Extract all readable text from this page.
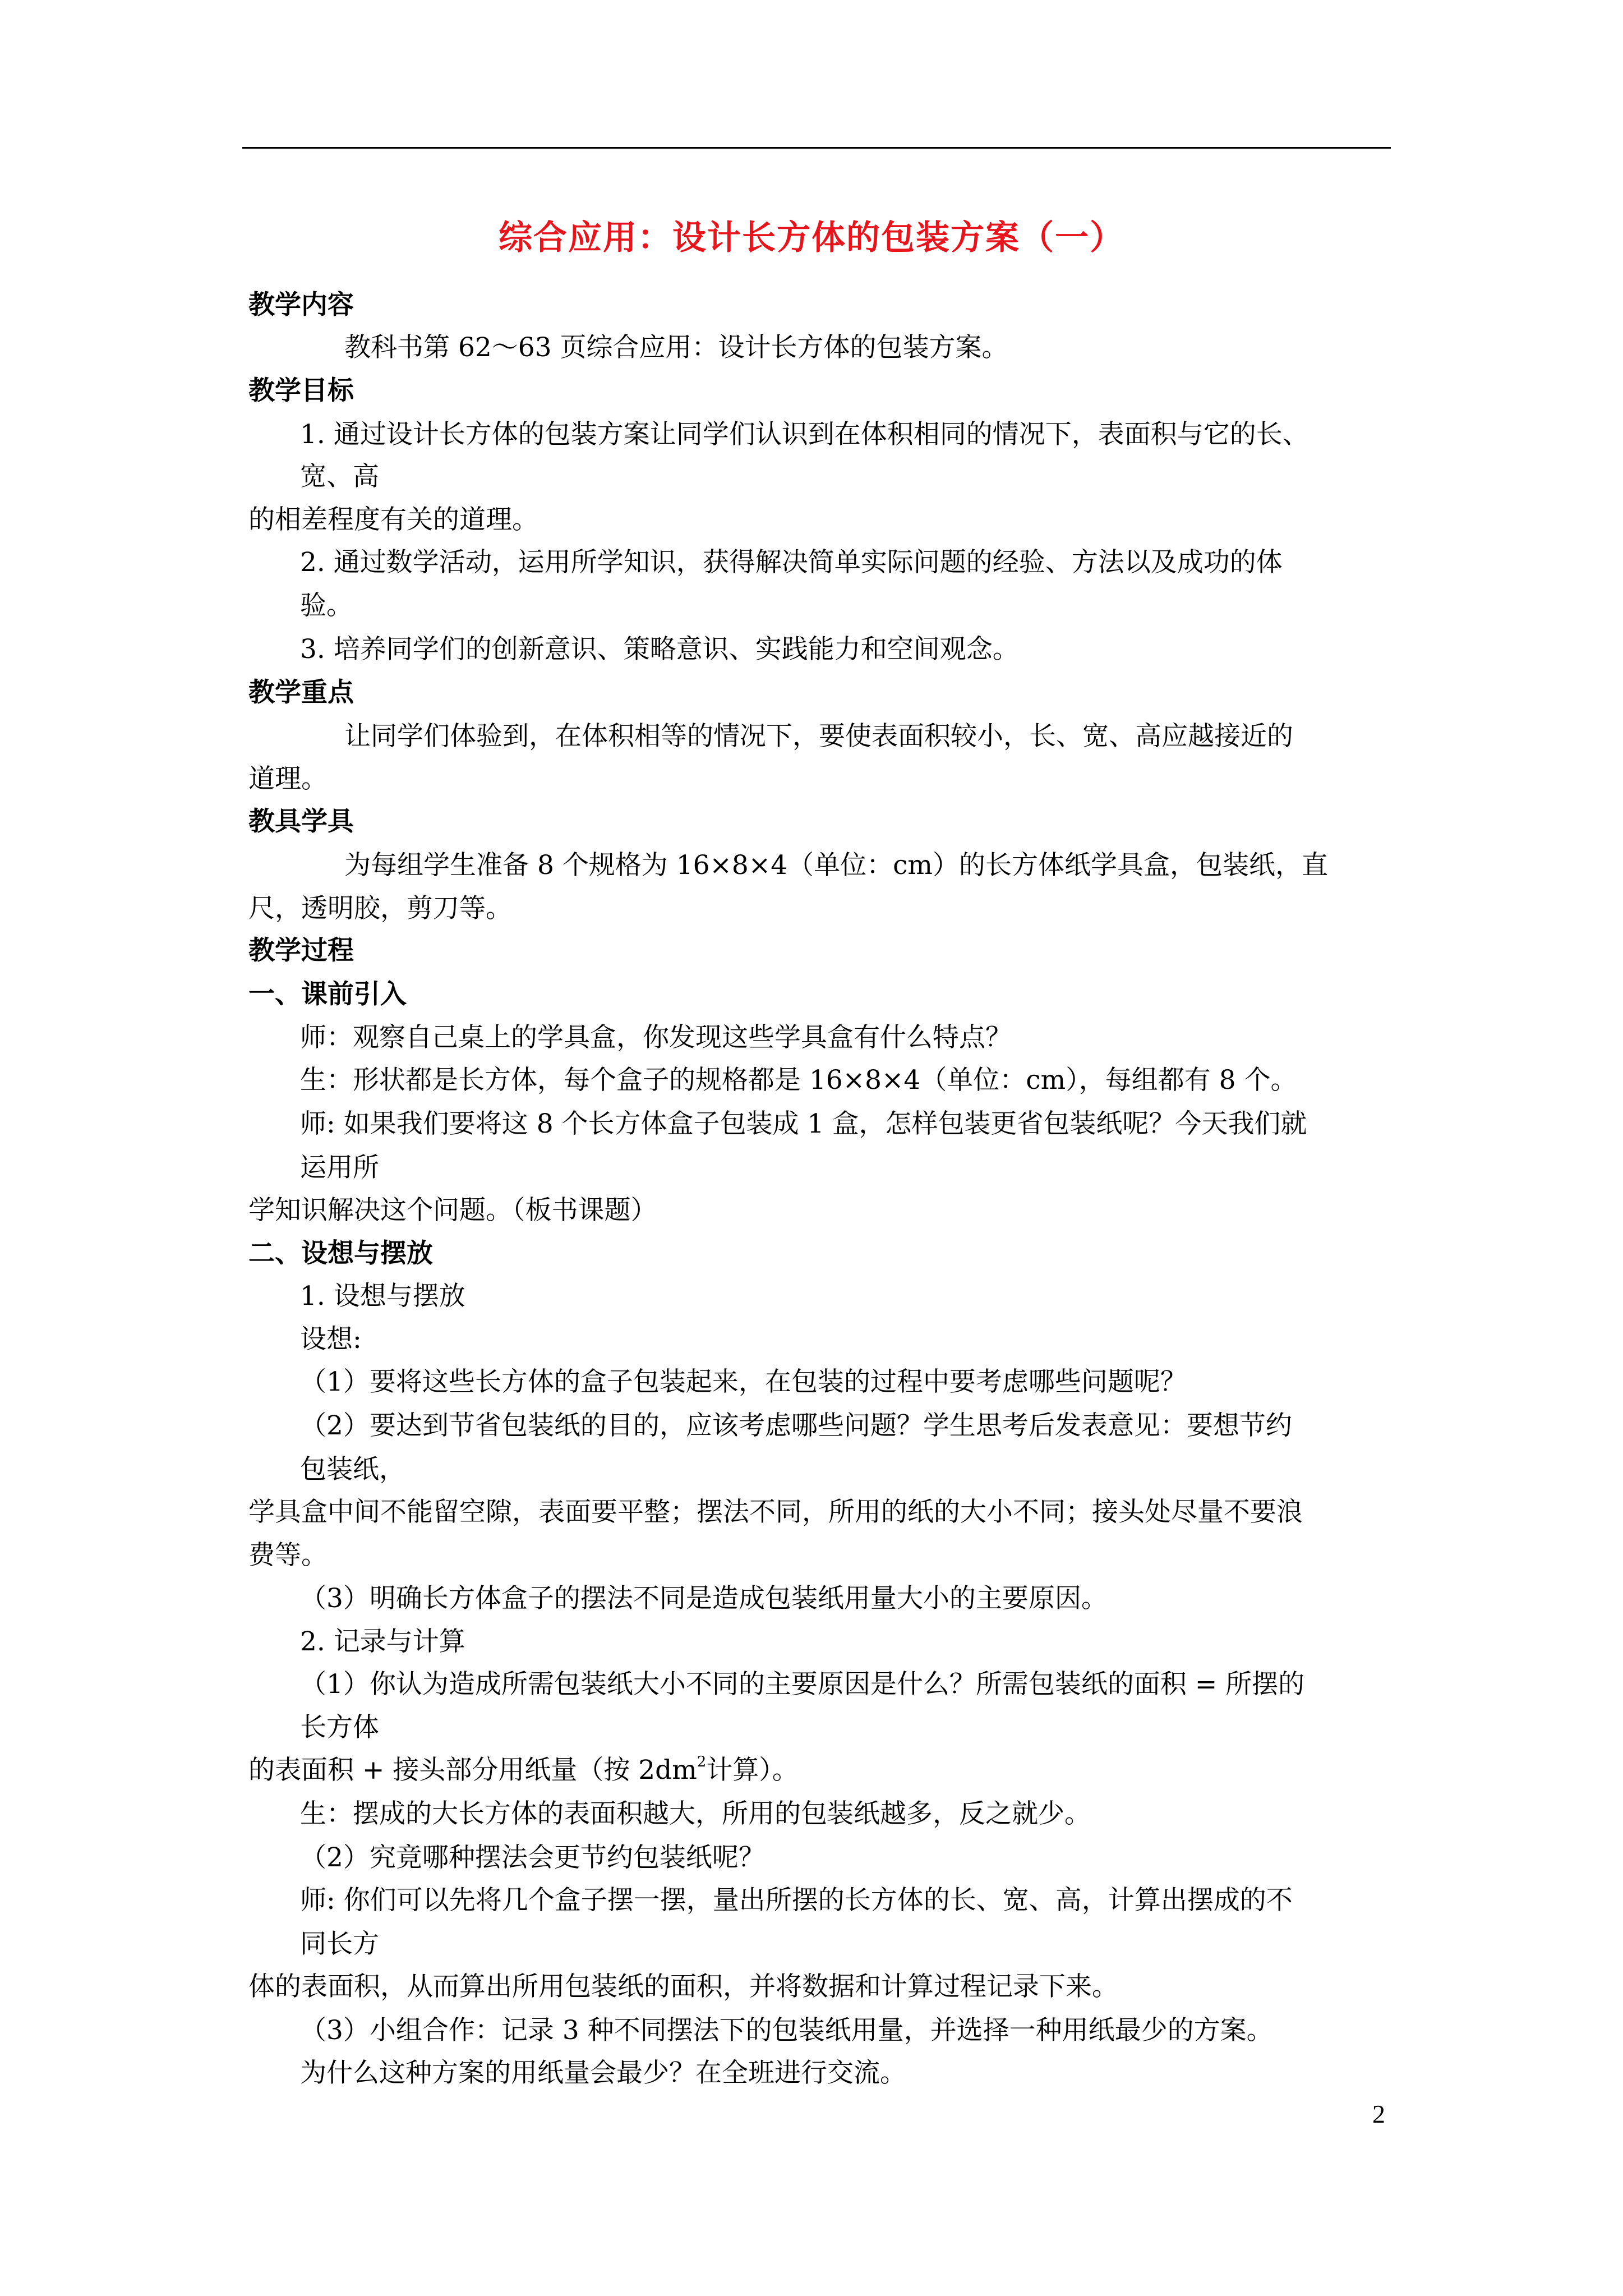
综合应用：设计长方体的包装方案（一）
教学内容
教科书第 62～63 页综合应用：设计长方体的包装方案。
教学目标
1. 通过设计长方体的包装方案让同学们认识到在体积相同的情况下，表面积与它的长、
宽、高
的相差程度有关的道理。
2. 通过数学活动，运用所学知识，获得解决简单实际问题的经验、方法以及成功的体
验。
3. 培养同学们的创新意识、策略意识、实践能力和空间观念。
教学重点
让同学们体验到，在体积相等的情况下，要使表面积较小，长、宽、高应越接近的
道理。
教具学具
为每组学生准备 8 个规格为 16×8×4（单位：cm）的长方体纸学具盒，包装纸，直
尺，透明胶，剪刀等。
教学过程
一、课前引入
师：观察自己桌上的学具盒，你发现这些学具盒有什么特点？
生：形状都是长方体，每个盒子的规格都是 16×8×4（单位：cm），每组都有 8 个。
师: 如果我们要将这 8 个长方体盒子包装成 1 盒，怎样包装更省包装纸呢？今天我们就
运用所
学知识解决这个问题。（板书课题）
二、设想与摆放
1. 设想与摆放
设想:
（1）要将这些长方体的盒子包装起来，在包装的过程中要考虑哪些问题呢？
（2）要达到节省包装纸的目的，应该考虑哪些问题？学生思考后发表意见：要想节约
包装纸，
学具盒中间不能留空隙，表面要平整；摆法不同，所用的纸的大小不同；接头处尽量不要浪
费等。
（3）明确长方体盒子的摆法不同是造成包装纸用量大小的主要原因。
2. 记录与计算
（1）你认为造成所需包装纸大小不同的主要原因是什么？所需包装纸的面积 = 所摆的
长方体
的表面积 + 接头部分用纸量（按 $2dm^2$计算）。
生：摆成的大长方体的表面积越大，所用的包装纸越多，反之就少。
（2）究竟哪种摆法会更节约包装纸呢？
师: 你们可以先将几个盒子摆一摆，量出所摆的长方体的长、宽、高，计算出摆成的不
同长方
体的表面积，从而算出所用包装纸的面积，并将数据和计算过程记录下来。
（3）小组合作：记录 3 种不同摆法下的包装纸用量，并选择一种用纸最少的方案。
为什么这种方案的用纸量会最少？在全班进行交流。
2
